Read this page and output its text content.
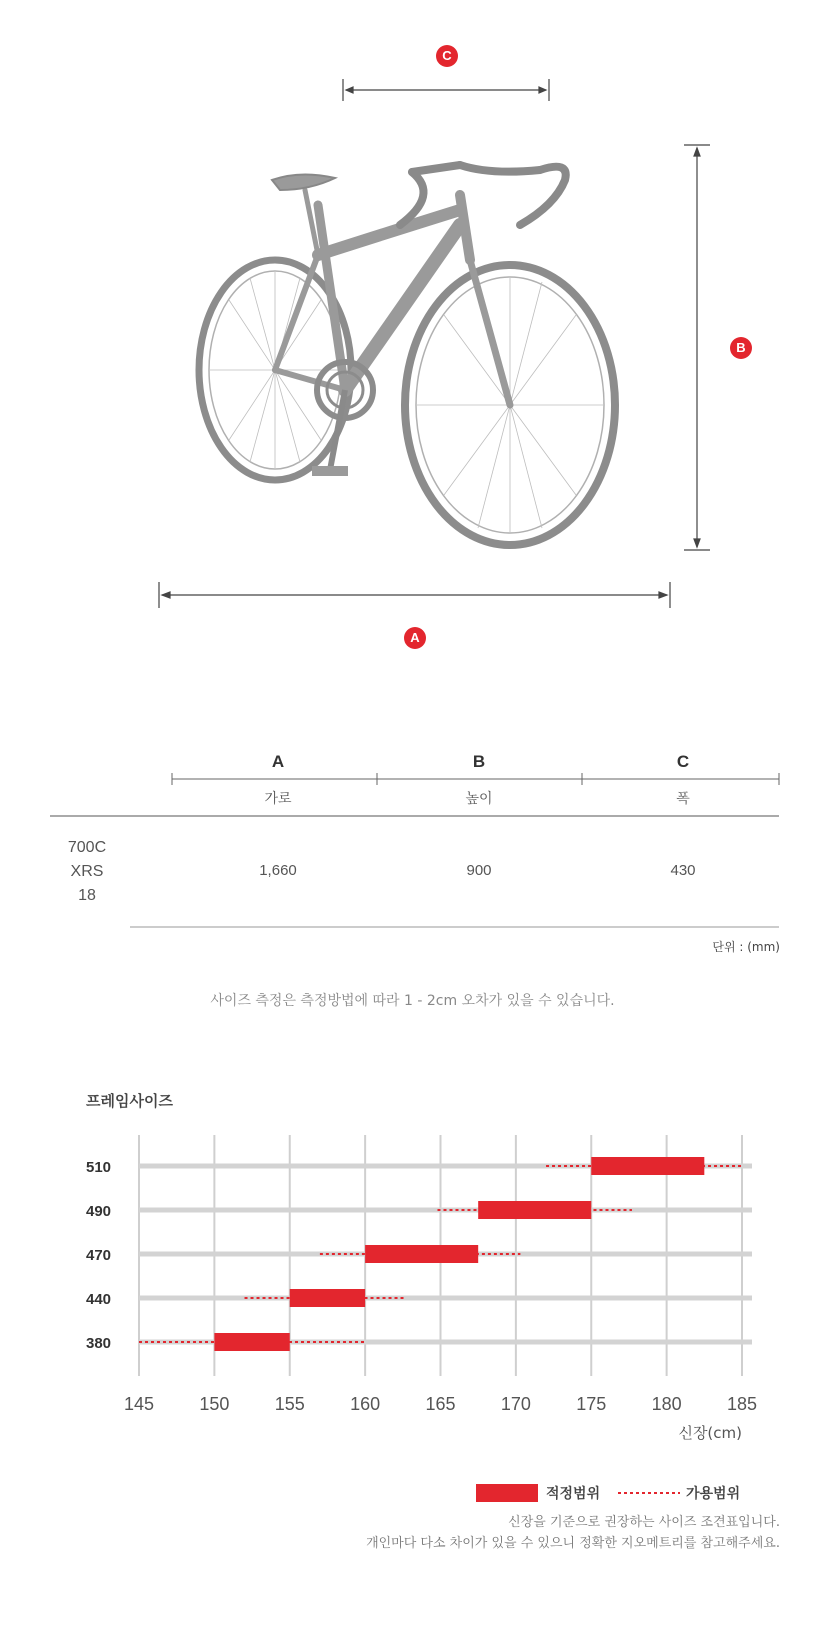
C
B
A
A	B	C
가로	높이	폭
700C
XRS
18
1,660	900	430
단위 : (mm)
사이즈 측정은 측정방법에 따라 1 - 2cm 오차가 있을 수 있습니다.
프레임사이즈
145	150	155	160	165	170	175	180	185
510
490
470
440
380
신장(cm)
적정범위	가용범위
신장을 기준으로 권장하는 사이즈 조견표입니다.
개인마다 다소 차이가 있을 수 있으니 정확한 지오메트리를 참고해주세요.
